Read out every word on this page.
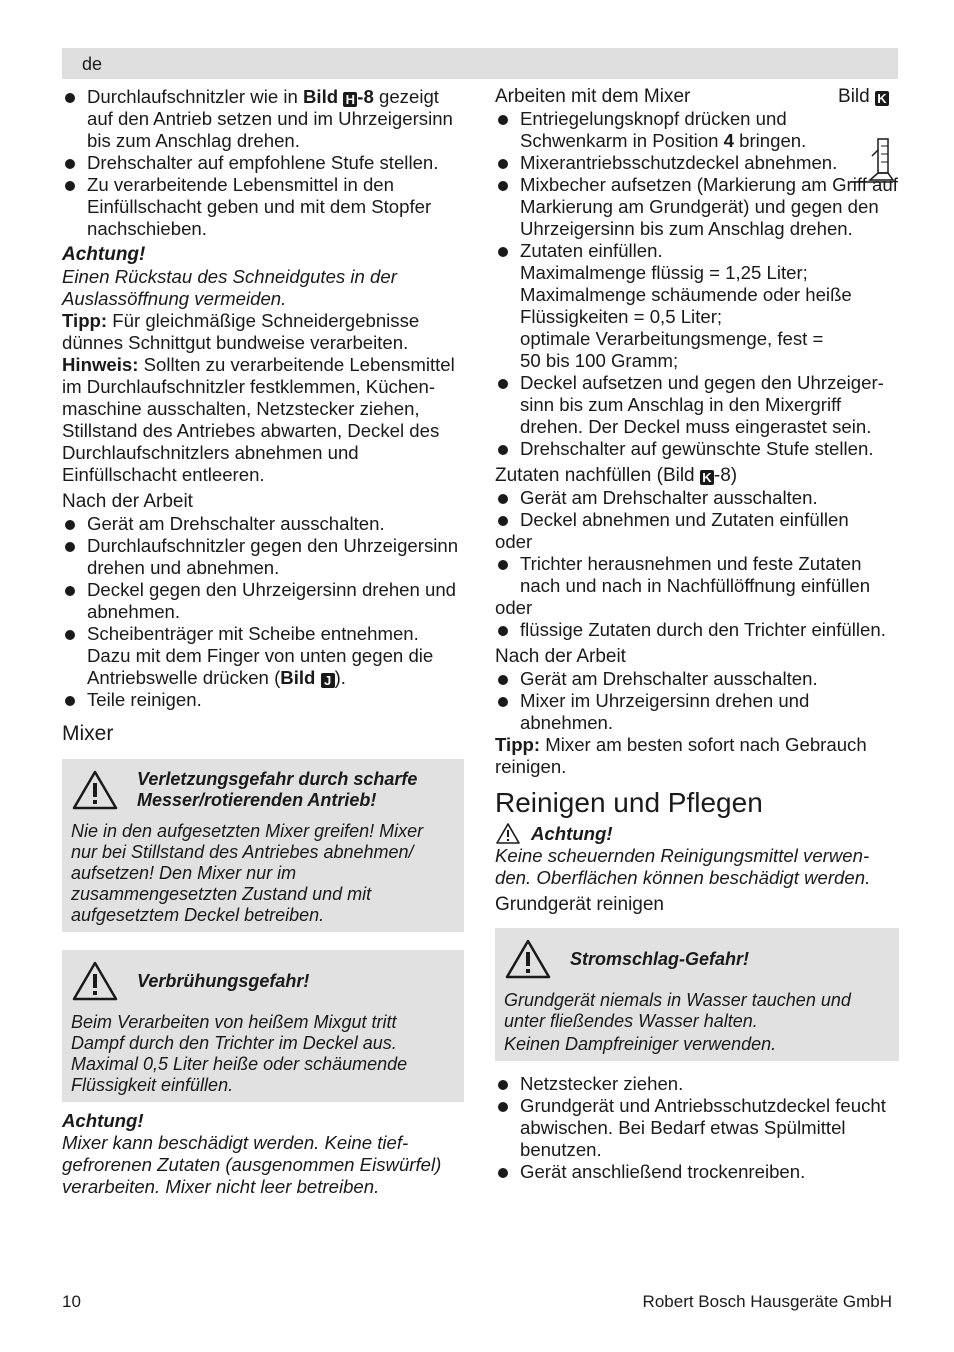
de
Durchlaufschnitzler wie in Bild H -8 gezeigt auf den Antrieb setzen und im Uhrzeigersinn bis zum Anschlag drehen.
Drehschalter auf empfohlene Stufe stellen.
Zu verarbeitende Lebensmittel in den Einfüllschacht geben und mit dem Stopfer nachschieben.

Achtung!

Einen Rückstau des Schneidgutes in der Auslassöffnung vermeiden.

Tipp: Für gleichmäßige Schneidergebnisse dünnes Schnittgut bundweise verarbeiten.

Hinweis: Sollten zu verarbeitende Lebensmittel im Durchlaufschnitzler festklemmen, Küchenmaschine ausschalten, Netzstecker ziehen, Stillstand des Antriebes abwarten, Deckel des Durchlaufschnitzlers abnehmen und Einfüllschacht entleeren.

Nach der Arbeit

Gerät am Drehschalter ausschalten.
Durchlaufschnitzler gegen den Uhrzeigersinn drehen und abnehmen.
Deckel gegen den Uhrzeigersinn drehen und abnehmen.
Scheibenträger mit Scheibe entnehmen. Dazu mit dem Finger von unten gegen die Antriebswelle drücken (Bild J ).
Teile reinigen.

Mixer

Verletzungsgefahr durch scharfe Messer/rotierenden Antrieb!

Nie in den aufgesetzten Mixer greifen! Mixer nur bei Stillstand des Antriebes abnehmen/ aufsetzen! Den Mixer nur im zusammengesetzten Zustand und mit aufgesetztem Deckel betreiben.

Verbrühungsgefahr!

Beim Verarbeiten von heißem Mixgut tritt Dampf durch den Trichter im Deckel aus. Maximal 0,5 Liter heiße oder schäumende Flüssigkeit einfüllen.

Achtung!

Mixer kann beschädigt werden. Keine tiefgefrorenen Zutaten (ausgenommen Eiswürfel) verarbeiten. Mixer nicht leer betreiben.

Arbeiten mit dem Mixer	Bild K
Entriegelungsknopf drücken und Schwenkarm in Position 4 bringen.
Mixerantriebsschutzdeckel abnehmen.
Mixbecher aufsetzen (Markierung am Griff auf Markierung am Grundgerät) und gegen den Uhrzeigersinn bis zum Anschlag drehen.
Zutaten einfüllen.

Maximalmenge flüssig = 1,25 Liter;

Maximalmenge schäumende oder heiße Flüssigkeiten = 0,5 Liter;

optimale Verarbeitungsmenge, fest = 50 bis 100 Gramm;

Deckel aufsetzen und gegen den Uhrzeigersinn bis zum Anschlag in den Mixergriff drehen. Der Deckel muss eingerastet sein.
Drehschalter auf gewünschte Stufe stellen.

Zutaten nachfüllen (Bild K -8)

Gerät am Drehschalter ausschalten.
Deckel abnehmen und Zutaten einfüllen

oder

Trichter herausnehmen und feste Zutaten nach und nach in Nachfüllöffnung einfüllen

oder

flüssige Zutaten durch den Trichter einfüllen.

Nach der Arbeit

Gerät am Drehschalter ausschalten.
Mixer im Uhrzeigersinn drehen und abnehmen.

Tipp: Mixer am besten sofort nach Gebrauch reinigen.

Reinigen und Pflegen

Achtung!

Keine scheuernden Reinigungsmittel verwenden. Oberflächen können beschädigt werden.

Grundgerät reinigen

Stromschlag-Gefahr!

Grundgerät niemals in Wasser tauchen und unter fließendes Wasser halten.

Keinen Dampfreiniger verwenden.

Netzstecker ziehen.
Grundgerät und Antriebsschutzdeckel feucht abwischen. Bei Bedarf etwas Spülmittel benutzen.
Gerät anschließend trockenreiben.
10	Robert Bosch Hausgeräte GmbH
